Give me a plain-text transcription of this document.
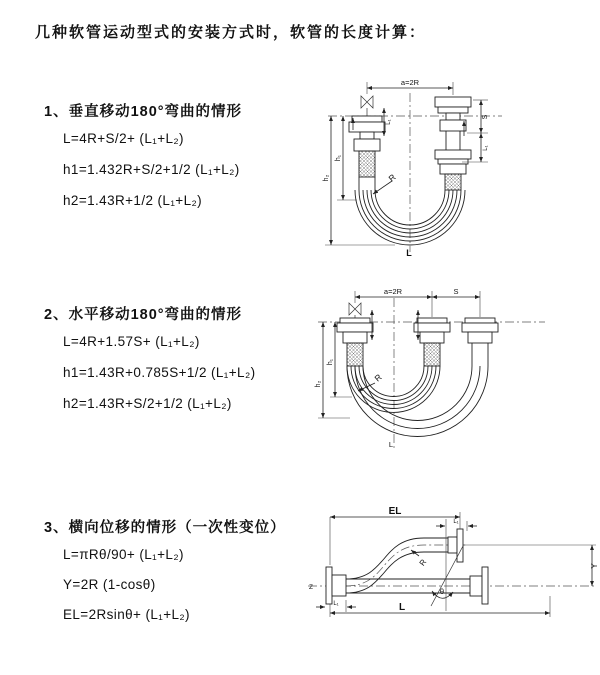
几种软管运动型式的安装方式时，软管的长度计算：
1、垂直移动180°弯曲的情形
L=4R+S/2+ (L₁+L₂)
h1=1.432R+S/2+1/2 (L₁+L₂)
h2=1.43R+1/2 (L₁+L₂)
2、水平移动180°弯曲的情形
L=4R+1.57S+ (L₁+L₂)
h1=1.43R+0.785S+1/2 (L₁+L₂)
h2=1.43R+S/2+1/2 (L₁+L₂)
3、横向位移的情形（一次性变位）
L=πRθ/90+ (L₁+L₂)
Y=2R (1-cosθ)
EL=2Rsinθ+ (L₁+L₂)
a=2R
h₁
h₂
S
L₁
L₁
R
L
a=2R	S
h₁
h₂
R
L
Z
EL
L₁
Y
L₁	L
θ
R
